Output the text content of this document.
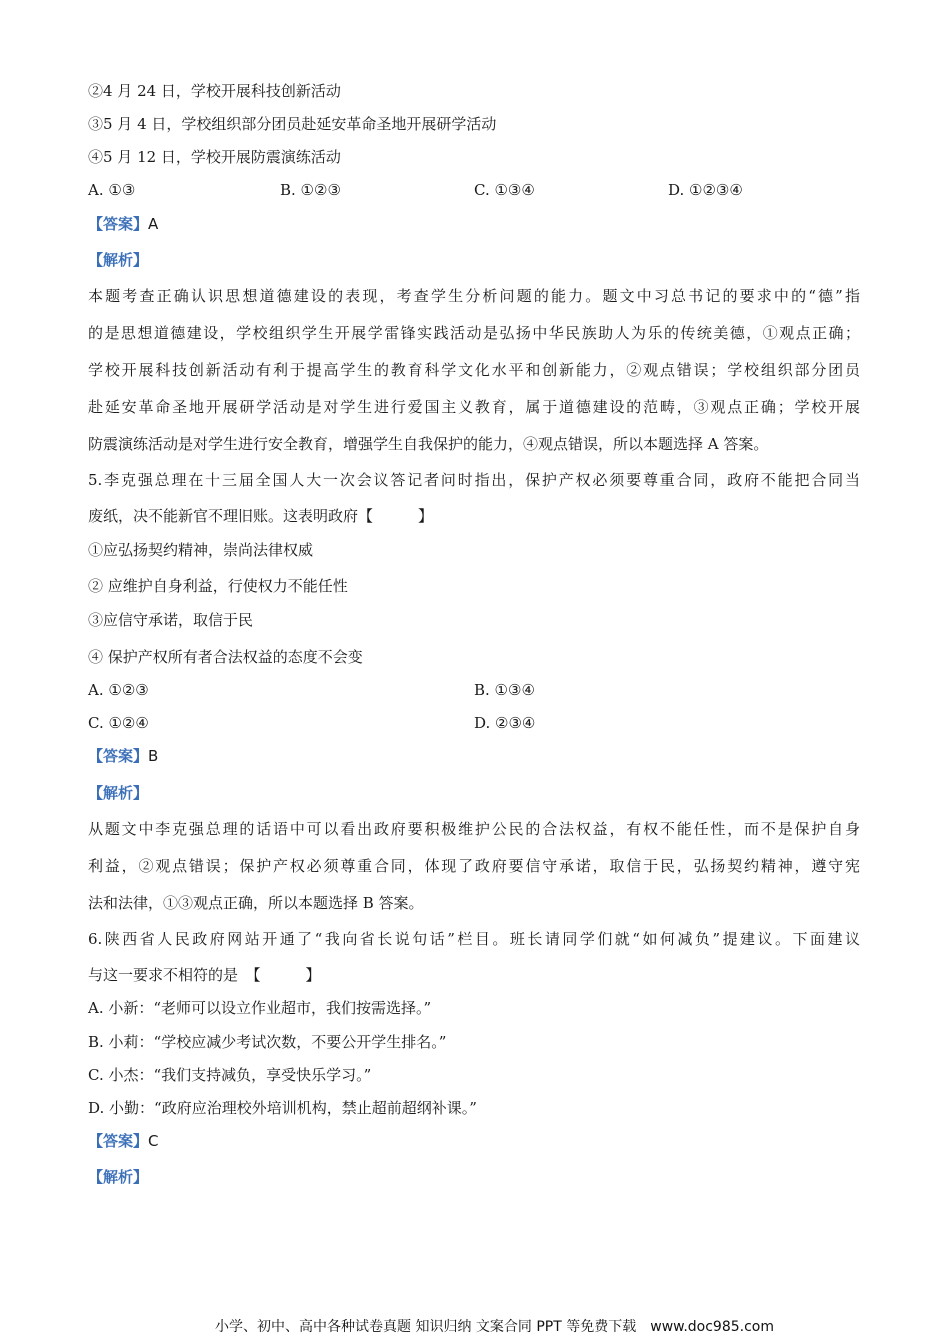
②4 月 24 日，学校开展科技创新活动
③5 月 4 日，学校组织部分团员赴延安革命圣地开展研学活动
④5 月 12 日，学校开展防震演练活动
A. ①③	B. ①②③	C. ①③④	D. ①②③④
【答案】A
【解析】
本题考查正确认识思想道德建设的表现，考查学生分析问题的能力。题文中习总书记的要求中的“德”指
的是思想道德建设，学校组织学生开展学雷锋实践活动是弘扬中华民族助人为乐的传统美德，①观点正确；
学校开展科技创新活动有利于提高学生的教育科学文化水平和创新能力，②观点错误；学校组织部分团员
赴延安革命圣地开展研学活动是对学生进行爱国主义教育，属于道德建设的范畴，③观点正确；学校开展
防震演练活动是对学生进行安全教育，增强学生自我保护的能力，④观点错误，所以本题选择 A 答案。
5.李克强总理在十三届全国人大一次会议答记者问时指出，保护产权必须要尊重合同，政府不能把合同当
废纸，决不能新官不理旧账。这表明政府【　　　】
①应弘扬契约精神，崇尚法律权威
② 应维护自身利益，行使权力不能任性
③应信守承诺，取信于民
④ 保护产权所有者合法权益的态度不会变
A. ①②③	B. ①③④
C. ①②④	D. ②③④
【答案】B
【解析】
从题文中李克强总理的话语中可以看出政府要积极维护公民的合法权益，有权不能任性，而不是保护自身
利益，②观点错误；保护产权必须尊重合同，体现了政府要信守承诺，取信于民，弘扬契约精神，遵守宪
法和法律，①③观点正确，所以本题选择 B 答案。
6.陕西省人民政府网站开通了“我向省长说句话”栏目。班长请同学们就“如何减负”提建议。下面建议
与这一要求不相符的是　【　　　】
A. 小新：“老师可以设立作业超市，我们按需选择。”
B. 小莉：“学校应减少考试次数，不要公开学生排名。”
C. 小杰：“我们支持减负，享受快乐学习。”
D. 小勤：“政府应治理校外培训机构，禁止超前超纲补课。”
【答案】C
【解析】
小学、初中、高中各种试卷真题 知识归纳 文案合同 PPT 等免费下载　www.doc985.com
